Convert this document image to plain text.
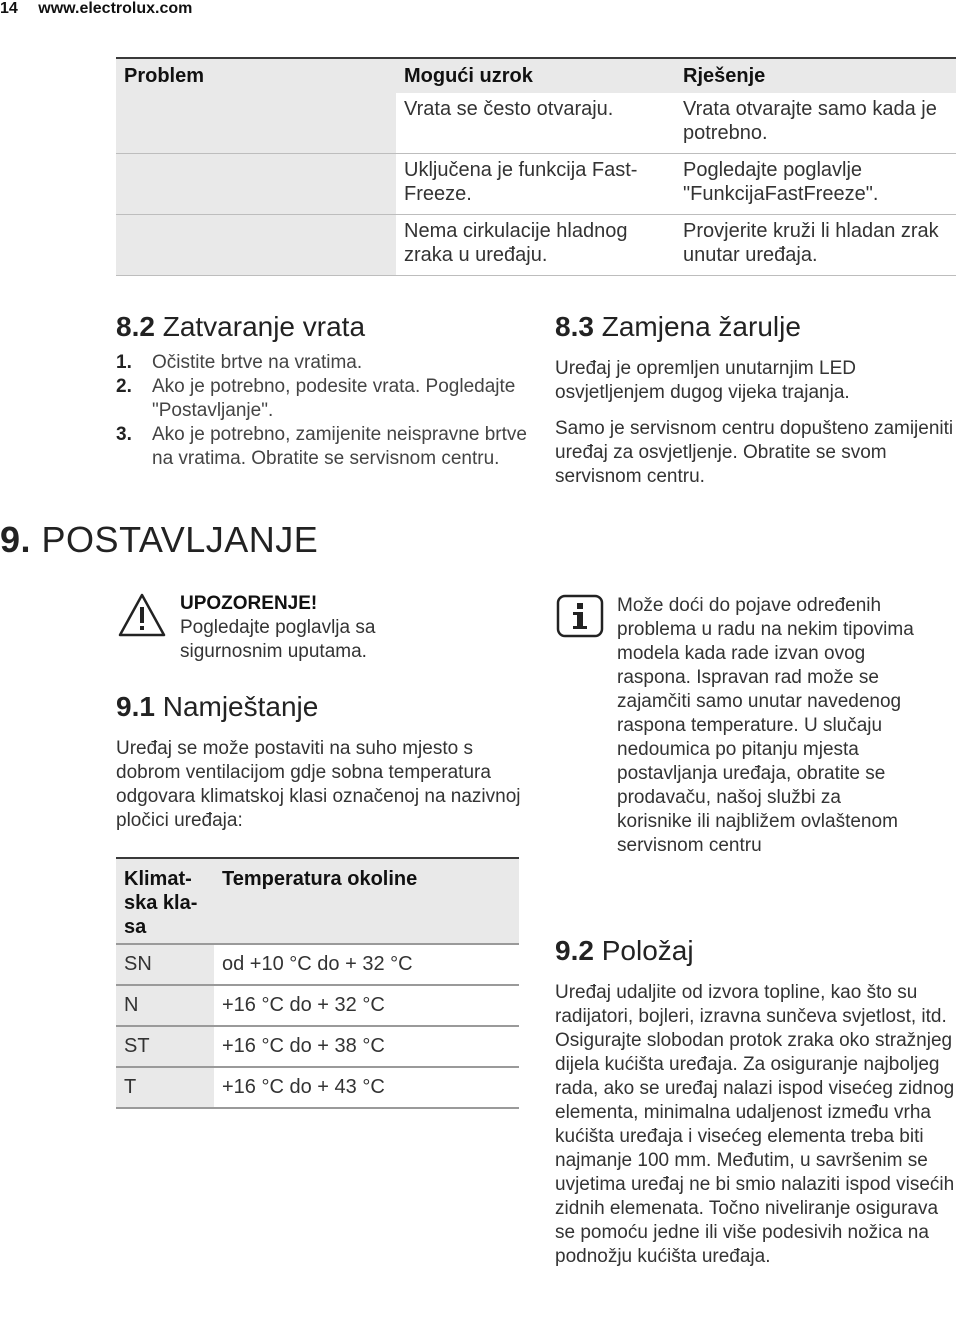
14 www.electrolux.com
Problem	Mogući uzrok	Rješenje
	Vrata se često otvaraju.	Vrata otvarajte samo kada je potrebno.
	Uključena je funkcija Fast-Freeze.	Pogledajte poglavlje "FunkcijaFastFreeze".
	Nema cirkulacije hladnog zraka u uređaju.	Provjerite kruži li hladan zrak unutar uređaja.
8.2 Zatvaranje vrata
1. Očistite brtve na vratima.
2. Ako je potrebno, podesite vrata. Pogledajte "Postavljanje".
3. Ako je potrebno, zamijenite neispravne brtve na vratima. Obratite se servisnom centru.
8.3 Zamjena žarulje

Uređaj je opremljen unutarnjim LED osvjetljenjem dugog vijeka trajanja.

Samo je servisnom centru dopušteno zamijeniti uređaj za osvjetljenje. Obratite se svom servisnom centru.

9. POSTAVLJANJE
UPOZORENJE!
Pogledajte poglavlja sa sigurnosnim uputama.
Može doći do pojave određenih problema u radu na nekim tipovima modela kada rade izvan ovog raspona. Ispravan rad može se zajamčiti samo unutar navedenog raspona temperature. U slučaju nedoumica po pitanju mjesta postavljanja uređaja, obratite se prodavaču, našoj službi za korisnike ili najbližem ovlaštenom servisnom centru
9.1 Namještanje

Uređaj se može postaviti na suho mjesto s dobrom ventilacijom gdje sobna temperatura odgovara klimatskoj klasi označenoj na nazivnoj pločici uređaja:

Klimat-ska kla-sa	Temperatura okoline
SN	od +10 °C do + 32 °C
N	+16 °C do + 32 °C
ST	+16 °C do + 38 °C
T	+16 °C do + 43 °C
9.2 Položaj

Uređaj udaljite od izvora topline, kao što su radijatori, bojleri, izravna sunčeva svjetlost, itd. Osigurajte slobodan protok zraka oko stražnjeg dijela kućišta uređaja. Za osiguranje najboljeg rada, ako se uređaj nalazi ispod visećeg zidnog elementa, minimalna udaljenost između vrha kućišta uređaja i visećeg elementa treba biti najmanje 100 mm. Međutim, u savršenim se uvjetima uređaj ne bi smio nalaziti ispod visećih zidnih elemenata. Točno niveliranje osigurava se pomoću jedne ili više podesivih nožica na podnožju kućišta uređaja.
